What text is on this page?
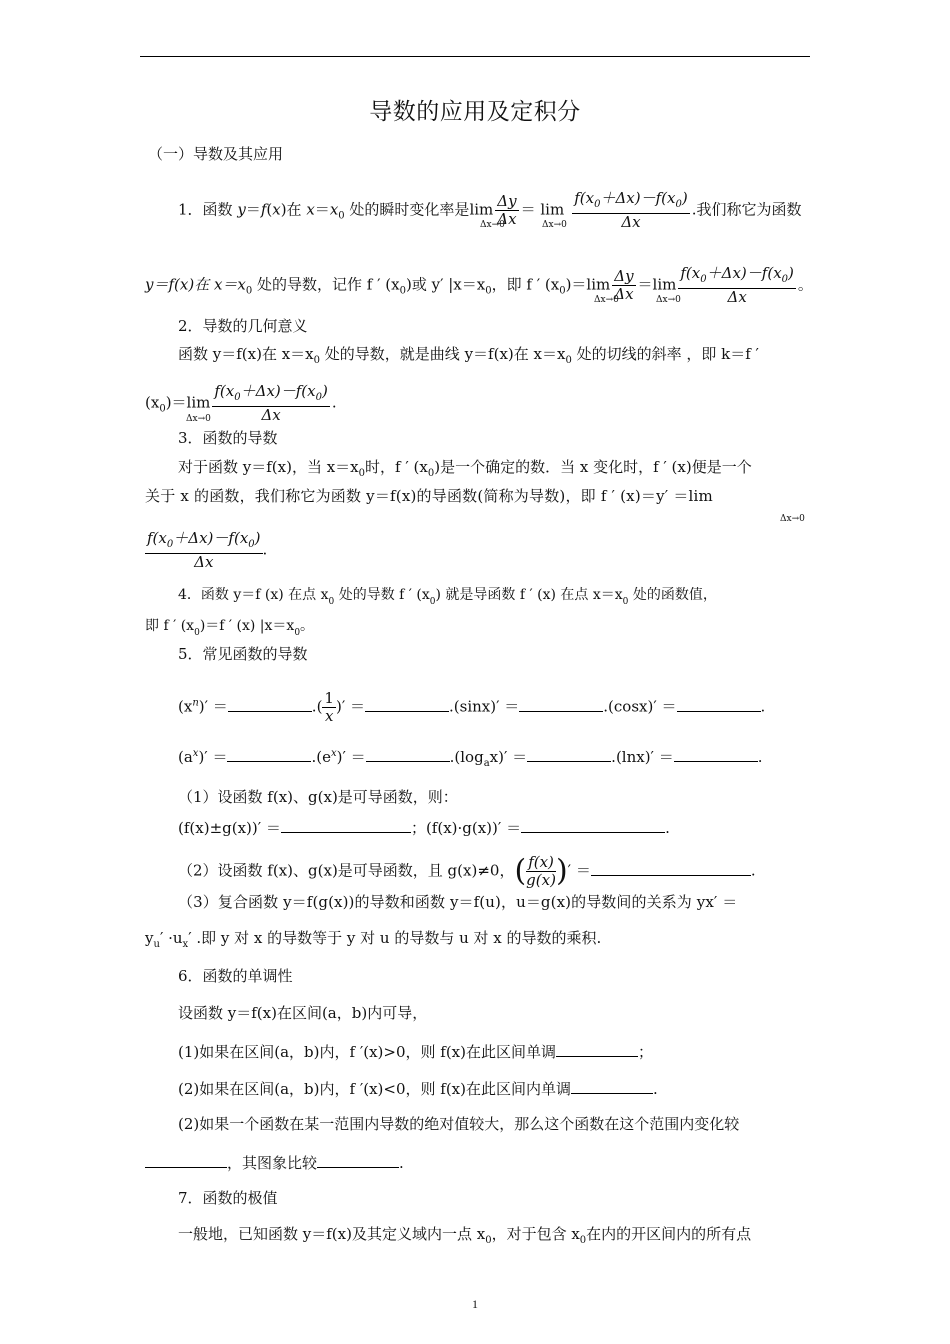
导数的应用及定积分
（一）导数及其应用
1．函数 y＝f(x)在 $x=x_0$ 处的瞬时变化率是$\lim \frac{\Delta y}{\Delta x} = \lim \frac{f(x_0+\Delta x)-f(x_0)}{\Delta x}$ .我们称它为函数
Δx→0	Δx→0
y＝f(x)在 $x=x_0$ 处的导数，记作 f ′ $(x_0)$或 y′ $|x=x_0$，即 f ′ $(x_0)=\lim \frac{\Delta y}{\Delta x} =\lim \frac{f(x_0+\Delta x)-f(x_0)}{\Delta x}$ 。
Δx→0	Δx→0
2．导数的几何意义
函数 y＝f(x)在 $x=x_0$ 处的导数，就是曲线 y＝f(x)在 $x=x_0$ 处的切线的斜率 ，即 k＝f ′
$(x_0)=\lim \frac{f(x_0+\Delta x)-f(x_0)}{\Delta x}$ .
Δx→0
3．函数的导数
对于函数 y＝f(x)，当 $x=x_0$时，f ′ $(x_0)$是一个确定的数．当 x 变化时，f ′ (x)便是一个
关于 x 的函数，我们称它为函数 y＝f(x)的导函数(简称为导数)，即 f ′ (x)＝y′ ＝lim
Δx→0
$\frac{f(x_0+\Delta x)-f(x_0)}{\Delta x}$ .
4．函数 y＝f (x) 在点 $x_0$ 处的导数 f ′ $(x_0)$ 就是导函数 f ′ (x) 在点 $x=x_0$ 处的函数值，
即 f ′ $(x_0)=f$ ′ (x) $|x=x_0$。
5．常见函数的导数
$(x^n)'$ ＝	.( $\frac{1}{x}$ )′ ＝	.(sinx)′ ＝	.(cosx)′ ＝	.
$(a^x)'$ ＝	$.(e^x)'$ ＝	$.(\log_ax)'$ ＝	.(lnx)′ ＝	.
（1）设函数 f(x)、g(x)是可导函数，则：
(f(x)±g(x))′ ＝	；(f(x)·g(x))′ ＝	.
（2）设函数 f(x)、g(x)是可导函数，且 g(x)≠0，( $\frac{f(x)}{g(x)}$ )′ ＝	.
（3）复合函数 y＝f(g(x))的导数和函数 y＝f(u)，u＝g(x)的导数间的关系为 yx′ ＝
$y_u' \cdot u_x'$ .即 y 对 x 的导数等于 y 对 u 的导数与 u 对 x 的导数的乘积.
6．函数的单调性
设函数 y＝f(x)在区间(a，b)内可导，
(1)如果在区间(a，b)内，f ′(x)>0，则 f(x)在此区间单调	；
(2)如果在区间(a，b)内，f ′(x)<0，则 f(x)在此区间内单调	.
(2)如果一个函数在某一范围内导数的绝对值较大，那么这个函数在这个范围内变化较
，其图象比较	.
7．函数的极值
一般地，已知函数 y＝f(x)及其定义域内一点 $x_0$，对于包含 $x_0$在内的开区间内的所有点
1
